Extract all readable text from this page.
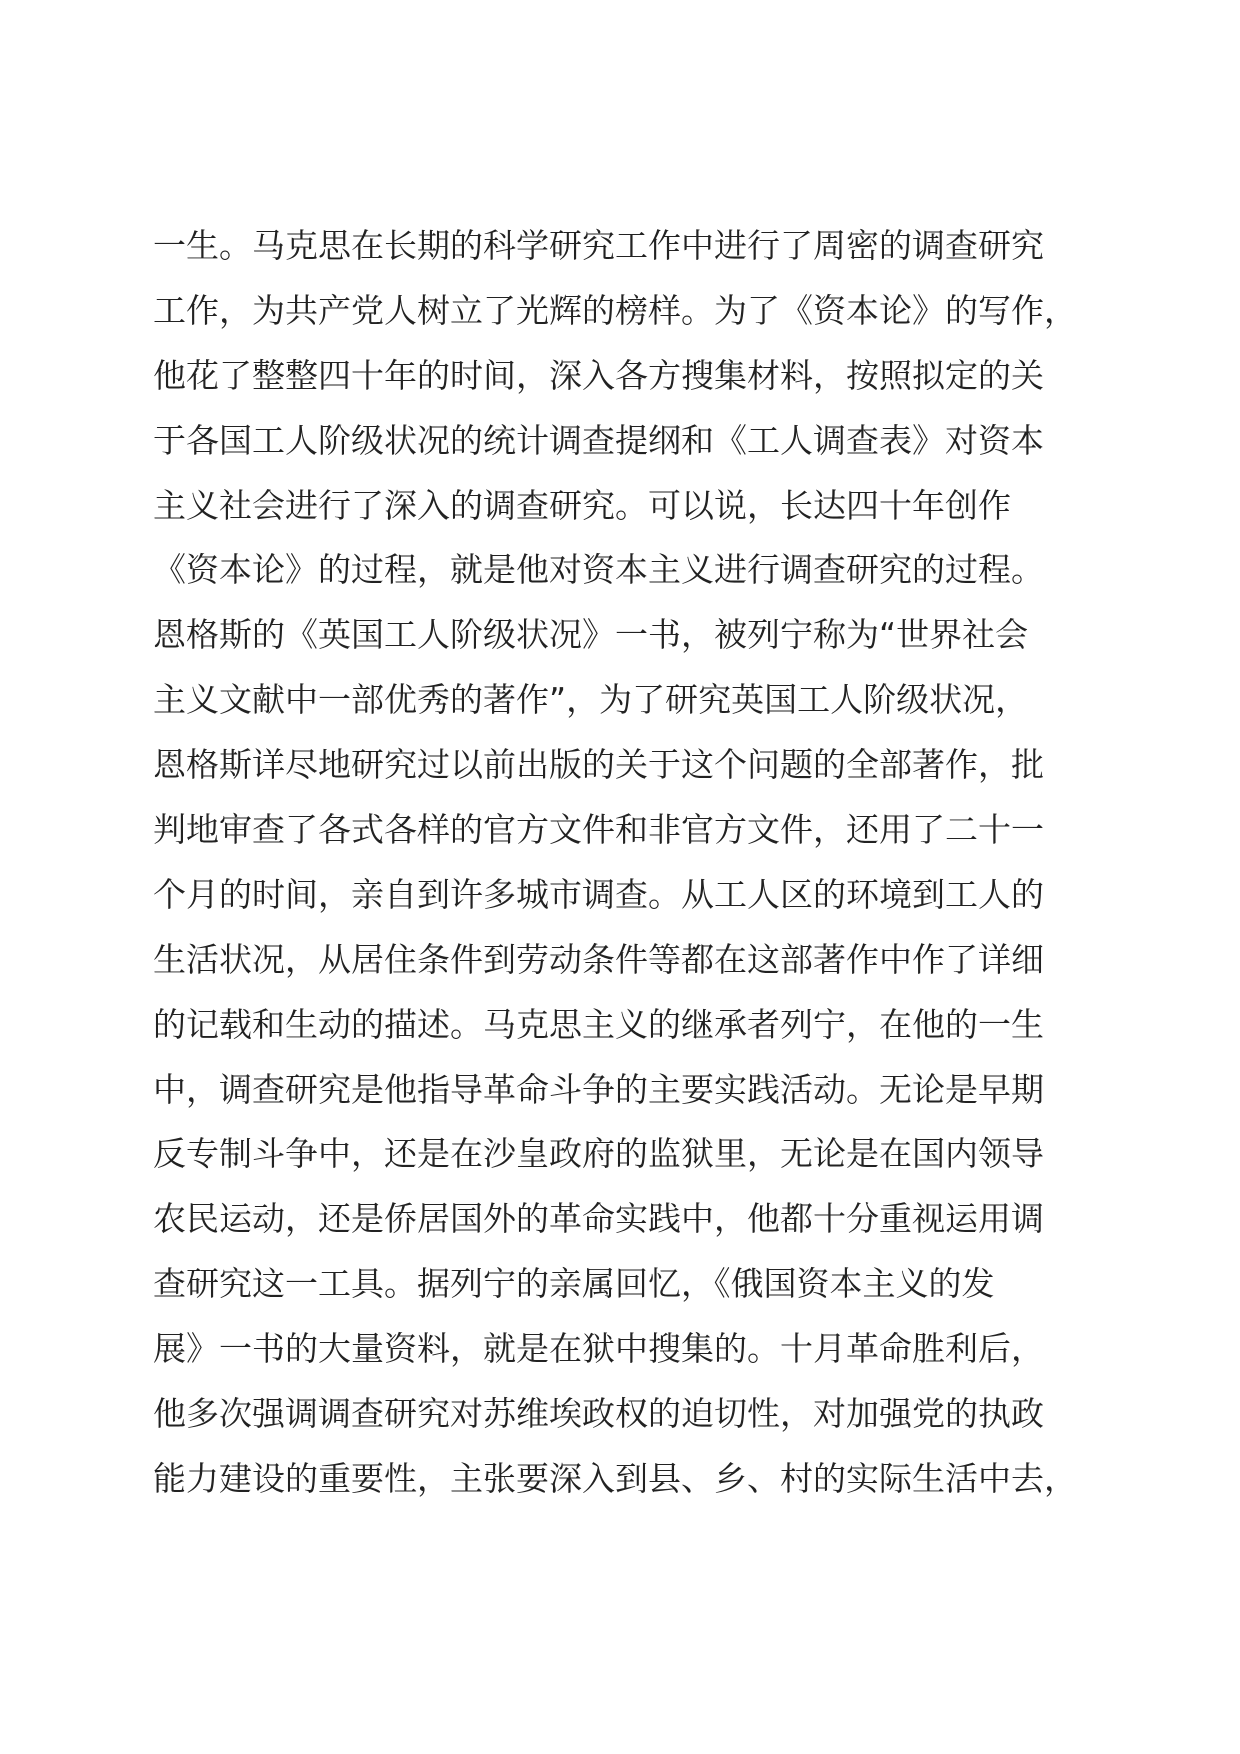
一生。马克思在长期的科学研究工作中进行了周密的调查研究
工作，为共产党人树立了光辉的榜样。为了《资本论》的写作，
他花了整整四十年的时间，深入各方搜集材料，按照拟定的关
于各国工人阶级状况的统计调查提纲和《工人调查表》对资本
主义社会进行了深入的调查研究。可以说，长达四十年创作
《资本论》的过程，就是他对资本主义进行调查研究的过程。
恩格斯的《英国工人阶级状况》一书，被列宁称为“世界社会
主义文献中一部优秀的著作”，为了研究英国工人阶级状况，
恩格斯详尽地研究过以前出版的关于这个问题的全部著作，批
判地审查了各式各样的官方文件和非官方文件，还用了二十一
个月的时间，亲自到许多城市调查。从工人区的环境到工人的
生活状况，从居住条件到劳动条件等都在这部著作中作了详细
的记载和生动的描述。马克思主义的继承者列宁，在他的一生
中，调查研究是他指导革命斗争的主要实践活动。无论是早期
反专制斗争中，还是在沙皇政府的监狱里，无论是在国内领导
农民运动，还是侨居国外的革命实践中，他都十分重视运用调
查研究这一工具。据列宁的亲属回忆，《俄国资本主义的发
展》一书的大量资料，就是在狱中搜集的。十月革命胜利后，
他多次强调调查研究对苏维埃政权的迫切性，对加强党的执政
能力建设的重要性，主张要深入到县、乡、村的实际生活中去，
